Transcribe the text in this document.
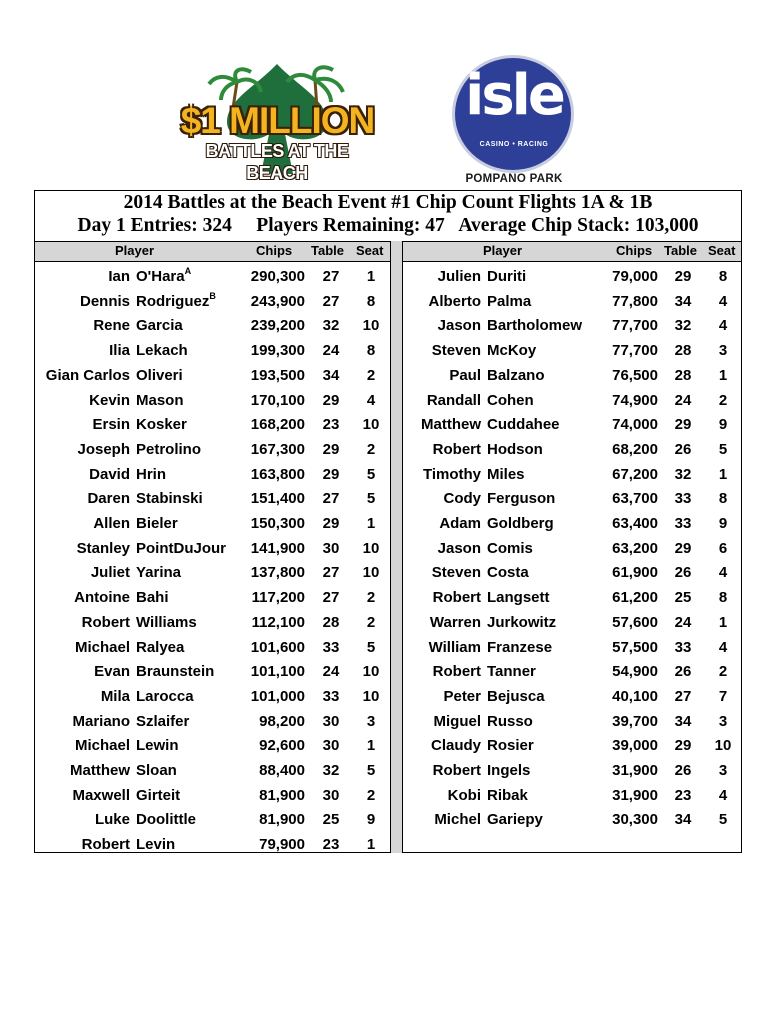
$1 MILLION
BATTLES AT THE BEACH
isle
CASINO • RACING
POMPANO PARK
2014 Battles at the Beach Event #1 Chip Count Flights 1A & 1B
Day 1 Entries: 324 Players Remaining: 47 Average Chip Stack: 103,000
Player	Chips Table Seat	Player	Chips Table Seat
Ian O'Hara$^A$	290,300	27	1
Dennis Rodriguez$^B$	243,900	27	8
Rene Garcia	239,200	32	10
Ilia Lekach	199,300	24	8
Gian Carlos Oliveri	193,500	34	2
Kevin Mason	170,100	29	4
Ersin Kosker	168,200	23	10
Joseph Petrolino	167,300	29	2
David Hrin	163,800	29	5
Daren Stabinski	151,400	27	5
Allen Bieler	150,300	29	1
Stanley PointDuJour	141,900	30	10
Juliet Yarina	137,800	27	10
Antoine Bahi	117,200	27	2
Robert Williams	112,100	28	2
Michael Ralyea	101,600	33	5
Evan Braunstein	101,100	24	10
Mila Larocca	101,000	33	10
Mariano Szlaifer	98,200	30	3
Michael Lewin	92,600	30	1
Matthew Sloan	88,400	32	5
Maxwell Girteit	81,900	30	2
Luke Doolittle	81,900	25	9
Robert Levin	79,900	23	1
Julien Duriti	79,000	29	8
Alberto Palma	77,800	34	4
Jason Bartholomew	77,700	32	4
Steven McKoy	77,700	28	3
Paul Balzano	76,500	28	1
Randall Cohen	74,900	24	2
Matthew Cuddahee	74,000	29	9
Robert Hodson	68,200	26	5
Timothy Miles	67,200	32	1
Cody Ferguson	63,700	33	8
Adam Goldberg	63,400	33	9
Jason Comis	63,200	29	6
Steven Costa	61,900	26	4
Robert Langsett	61,200	25	8
Warren Jurkowitz	57,600	24	1
William Franzese	57,500	33	4
Robert Tanner	54,900	26	2
Peter Bejusca	40,100	27	7
Miguel Russo	39,700	34	3
Claudy Rosier	39,000	29	10
Robert Ingels	31,900	26	3
Kobi Ribak	31,900	23	4
Michel Gariepy	30,300	34	5
